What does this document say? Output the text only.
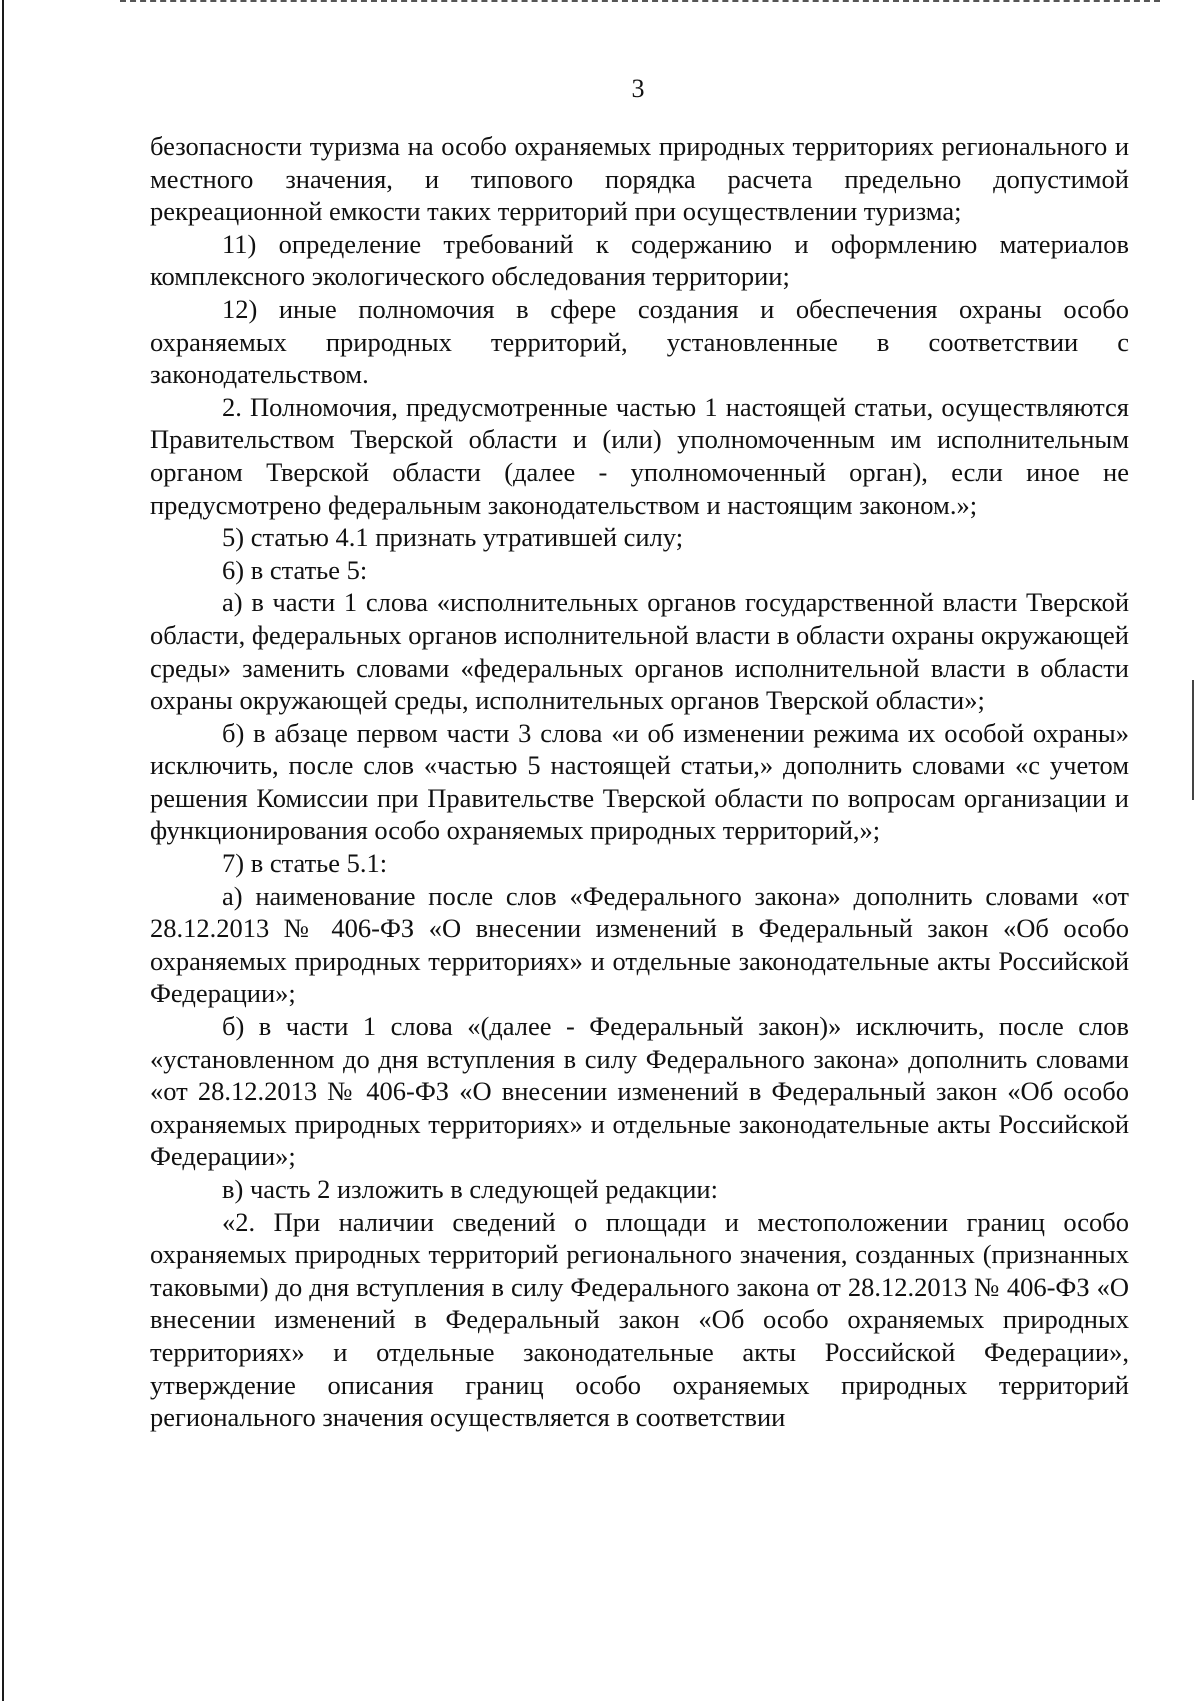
3

безопасности туризма на особо охраняемых природных территориях регионального и местного значения, и типового порядка расчета предельно допустимой рекреационной емкости таких территорий при осуществлении туризма;

11) определение требований к содержанию и оформлению материалов комплексного экологического обследования территории;

12) иные полномочия в сфере создания и обеспечения охраны особо охраняемых природных территорий, установленные в соответствии с законодательством.

2. Полномочия, предусмотренные частью 1 настоящей статьи, осуществляются Правительством Тверской области и (или) уполномоченным им исполнительным органом Тверской области (далее - уполномоченный орган), если иное не предусмотрено федеральным законодательством и настоящим законом.»;

5) статью 4.1 признать утратившей силу;

6) в статье 5:

а) в части 1 слова «исполнительных органов государственной власти Тверской области, федеральных органов исполнительной власти в области охраны окружающей среды» заменить словами «федеральных органов исполнительной власти в области охраны окружающей среды, исполнительных органов Тверской области»;

б) в абзаце первом части 3 слова «и об изменении режима их особой охраны» исключить, после слов «частью 5 настоящей статьи,» дополнить словами «с учетом решения Комиссии при Правительстве Тверской области по вопросам организации и функционирования особо охраняемых природных территорий,»;

7) в статье 5.1:

а) наименование после слов «Федерального закона» дополнить словами «от 28.12.2013 № 406-ФЗ «О внесении изменений в Федеральный закон «Об особо охраняемых природных территориях» и отдельные законодательные акты Российской Федерации»;

б) в части 1 слова «(далее - Федеральный закон)» исключить, после слов «установленном до дня вступления в силу Федерального закона» дополнить словами «от 28.12.2013 № 406-ФЗ «О внесении изменений в Федеральный закон «Об особо охраняемых природных территориях» и отдельные законодательные акты Российской Федерации»;

в) часть 2 изложить в следующей редакции:

«2. При наличии сведений о площади и местоположении границ особо охраняемых природных территорий регионального значения, созданных (признанных таковыми) до дня вступления в силу Федерального закона от 28.12.2013 № 406-ФЗ «О внесении изменений в Федеральный закон «Об особо охраняемых природных территориях» и отдельные законодательные акты Российской Федерации», утверждение описания границ особо охраняемых природных территорий регионального значения осуществляется в соответствии
